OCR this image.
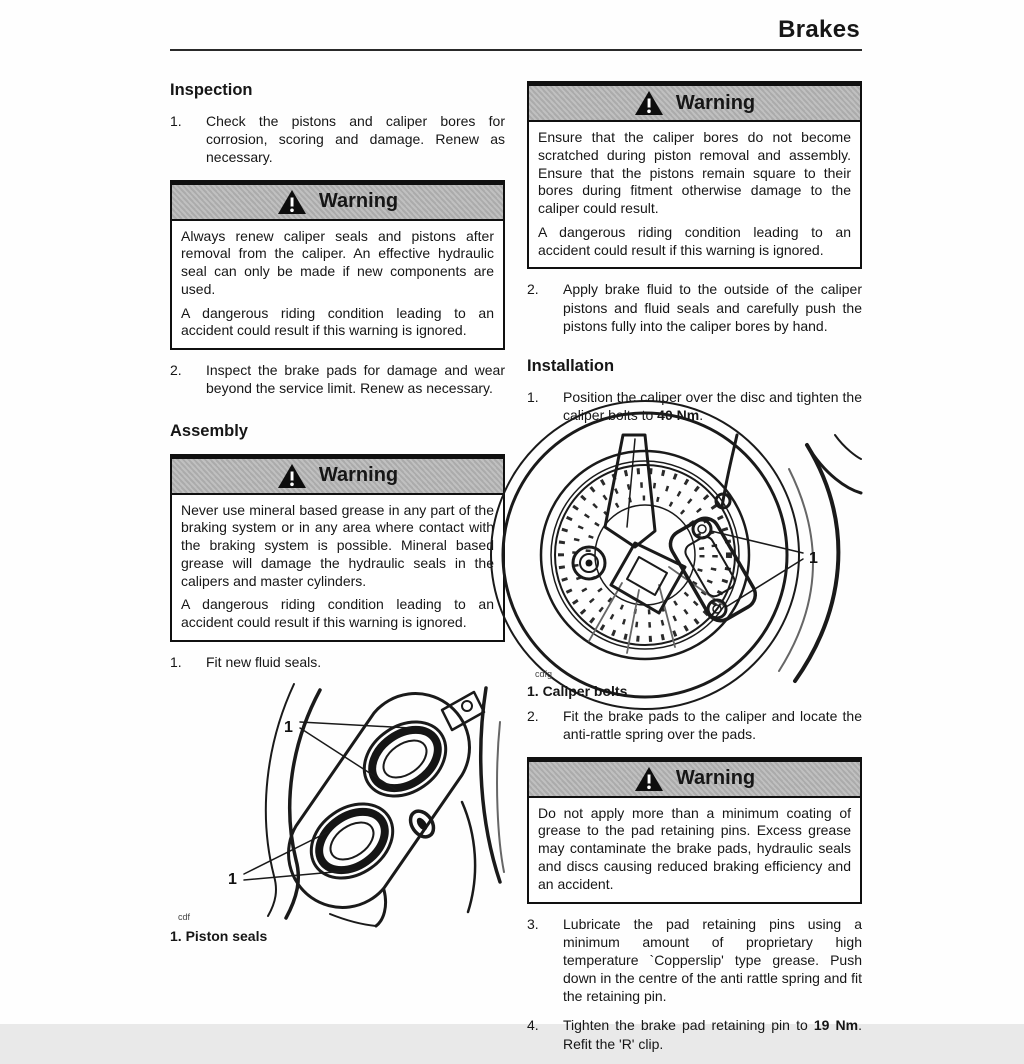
Brakes
Inspection
1.	Check the pistons and caliper bores for corrosion, scoring and damage. Renew as necessary.
Warning

Always renew caliper seals and pistons after removal from the caliper. An effective hydraulic seal can only be made if new components are used.

A dangerous riding condition leading to an accident could result if this warning is ignored.

2.	Inspect the brake pads for damage and wear beyond the service limit. Renew as necessary.
Assembly
Warning

Never use mineral based grease in any part of the braking system or in any area where contact with the braking system is possible. Mineral based grease will damage the hydraulic seals in the calipers and master cylinders.

A dangerous riding condition leading to an accident could result if this warning is ignored.

1.	Fit new fluid seals.
1
1
cdf
1. Piston seals
Warning

Ensure that the caliper bores do not become scratched during piston removal and assembly. Ensure that the pistons remain square to their bores during fitment otherwise damage to the caliper could result.

A dangerous riding condition leading to an accident could result if this warning is ignored.

2.	Apply brake fluid to the outside of the caliper pistons and fluid seals and carefully push the pistons fully into the caliper bores by hand.
Installation
1.	Position the caliper over the disc and tighten the caliper bolts to 40 Nm.
1
cdfg
1. Caliper bolts
2.	Fit the brake pads to the caliper and locate the anti-rattle spring over the pads.
Warning

Do not apply more than a minimum coating of grease to the pad retaining pins. Excess grease may contaminate the brake pads, hydraulic seals and discs causing reduced braking efficiency and an accident.

3.	Lubricate the pad retaining pins using a minimum amount of proprietary high temperature `Copperslip' type grease. Push down in the centre of the anti rattle spring and fit the retaining pin.
4.	Tighten the brake pad retaining pin to 19 Nm. Refit the 'R' clip.
